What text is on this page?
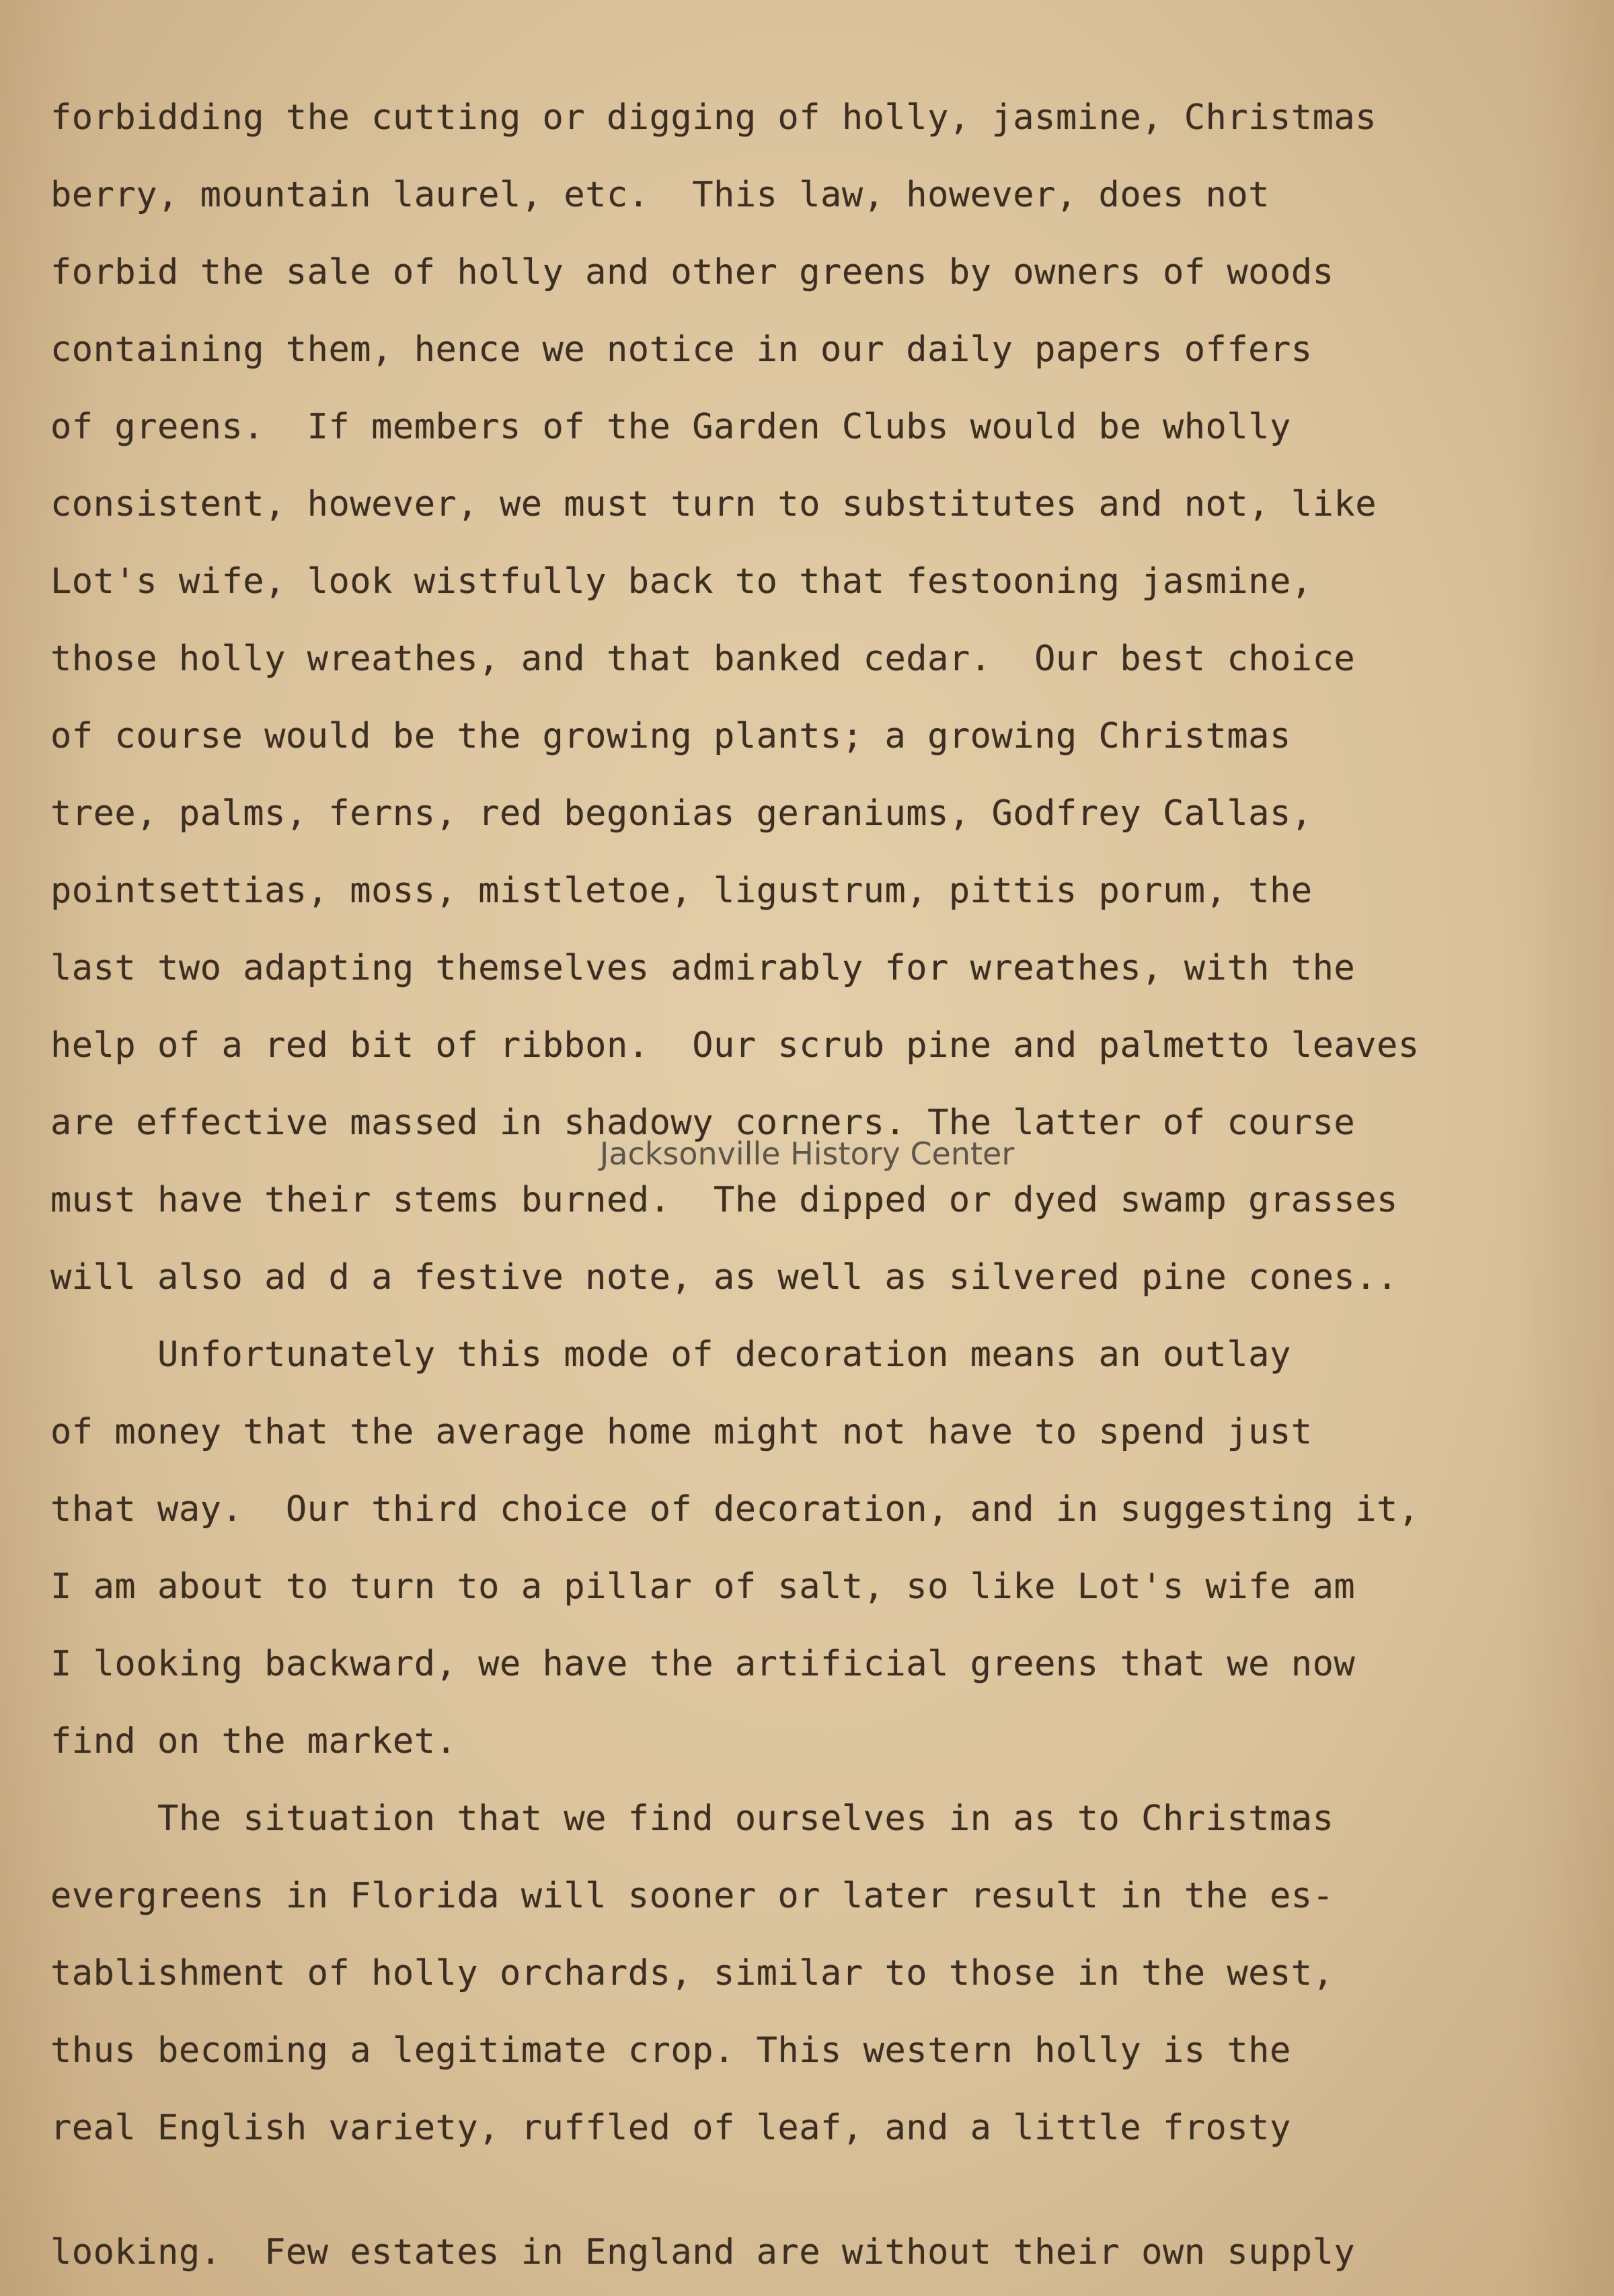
forbidding the cutting or digging of holly, jasmine, Christmas

berry, mountain laurel, etc.  This law, however, does not

forbid the sale of holly and other greens by owners of woods

containing them, hence we notice in our daily papers offers

of greens.  If members of the Garden Clubs would be wholly

consistent, however, we must turn to substitutes and not, like

Lot's wife, look wistfully back to that festooning jasmine,

those holly wreathes, and that banked cedar.  Our best choice

of course would be the growing plants; a growing Christmas

tree, palms, ferns, red begonias geraniums, Godfrey Callas,

pointsettias, moss, mistletoe, ligustrum, pittis porum, the

last two adapting themselves admirably for wreathes, with the

help of a red bit of ribbon.  Our scrub pine and palmetto leaves

are effective massed in shadowy corners. The latter of course

must have their stems burned.  The dipped or dyed swamp grasses

will also ad d a festive note, as well as silvered pine cones..

Unfortunately this mode of decoration means an outlay

of money that the average home might not have to spend just

that way.  Our third choice of decoration, and in suggesting it,

I am about to turn to a pillar of salt, so like Lot's wife am

I looking backward, we have the artificial greens that we now

find on the market.

The situation that we find ourselves in as to Christmas

evergreens in Florida will sooner or later result in the es-

tablishment of holly orchards, similar to those in the west,

thus becoming a legitimate crop. This western holly is the

real English variety, ruffled of leaf, and a little frosty

looking.  Few estates in England are without their own supply

Jacksonville History Center
